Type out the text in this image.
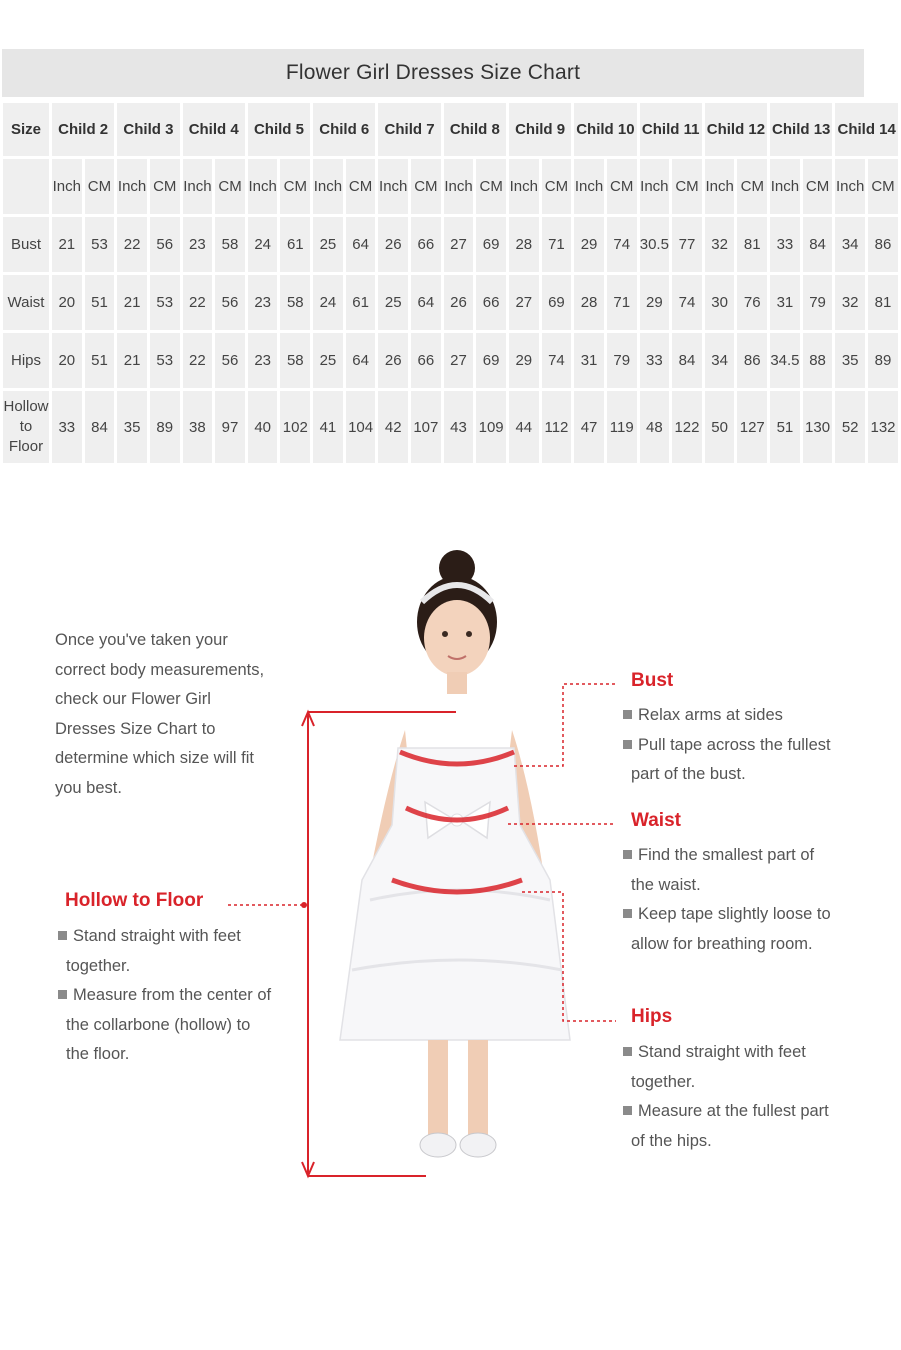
Flower Girl Dresses Size Chart
Size	Child 2		Child 3		Child 4		Child 5		Child 6		Child 7		Child 8		Child 9		Child 10		Child 11		Child 12		Child 13		Child 14	
	Inch	CM	Inch	CM	Inch	CM	Inch	CM	Inch	CM	Inch	CM	Inch	CM	Inch	CM	Inch	CM	Inch	CM	Inch	CM	Inch	CM	Inch	CM
Bust	21	53	22	56	23	58	24	61	25	64	26	66	27	69	28	71	29	74	30.5	77	32	81	33	84	34	86
Waist	20	51	21	53	22	56	23	58	24	61	25	64	26	66	27	69	28	71	29	74	30	76	31	79	32	81
Hips	20	51	21	53	22	56	23	58	25	64	26	66	27	69	29	74	31	79	33	84	34	86	34.5	88	35	89

Hollow
to
Floor	33	84	35	89	38	97	40	102	41	104	42	107	43	109	44	112	47	119	48	122	50	127	51	130	52	132
Once you've taken your
correct body measurements,
check our Flower Girl
Dresses Size Chart to
determine which size will fit
you best.
Hollow to Floor
Stand straight with feet
together.
Measure from the center of
the collarbone (hollow) to
the floor.
Bust
Relax arms at sides
Pull tape across the fullest
part of the bust.
Waist
Find the smallest part of
the waist.
Keep tape slightly loose to
allow for breathing room.
Hips
Stand straight with feet
together.
Measure at the fullest part
of the hips.
